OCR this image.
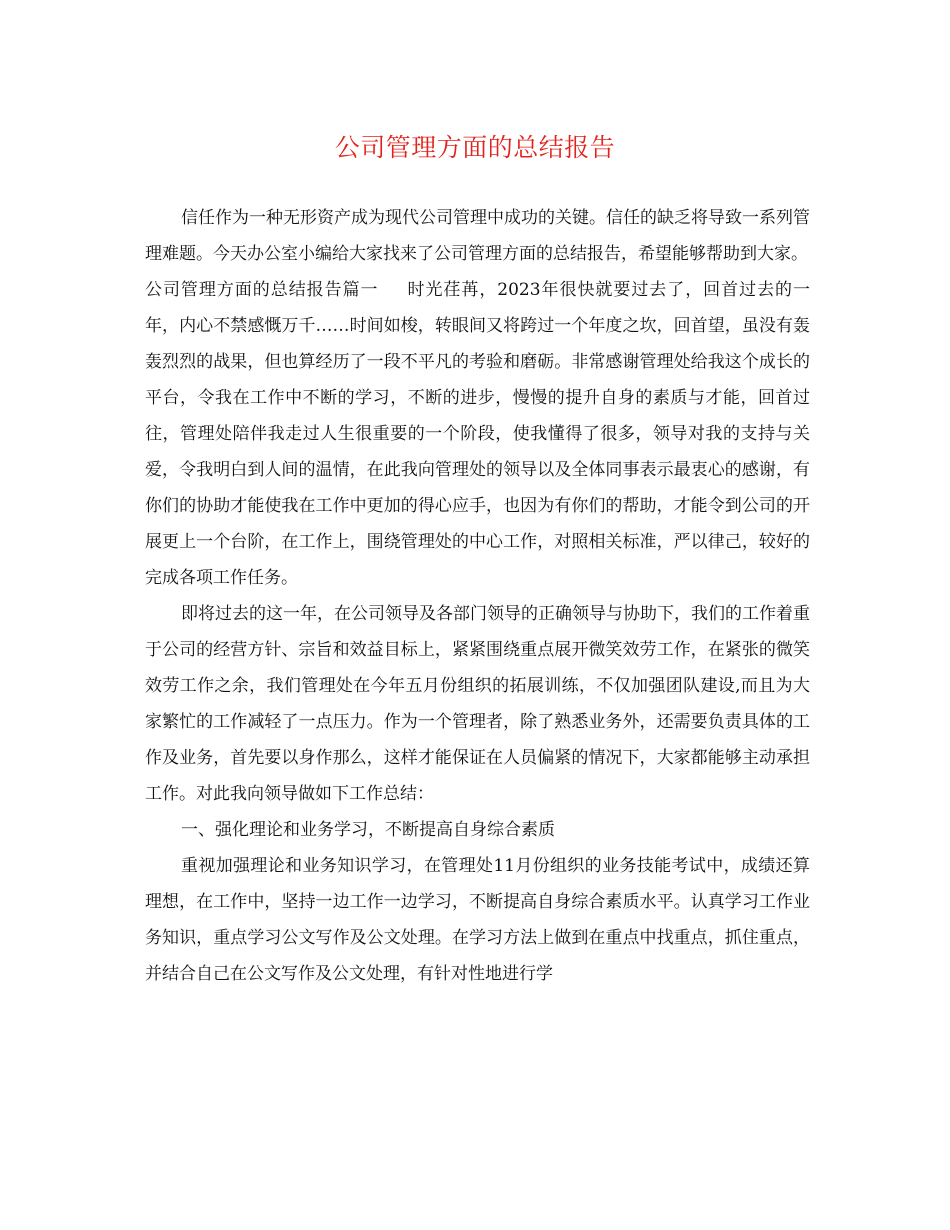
公司管理方面的总结报告

信任作为一种无形资产成为现代公司管理中成功的关键。信任的缺乏将导致一系列管理难题。今天办公室小编给大家找来了公司管理方面的总结报告，希望能够帮助到大家。

公司管理方面的总结报告篇一 时光荏苒，2023年很快就要过去了，回首过去的一年，内心不禁感慨万千……时间如梭，转眼间又将跨过一个年度之坎，回首望，虽没有轰轰烈烈的战果，但也算经历了一段不平凡的考验和磨砺。非常感谢管理处给我这个成长的平台，令我在工作中不断的学习，不断的进步，慢慢的提升自身的素质与才能，回首过往，管理处陪伴我走过人生很重要的一个阶段，使我懂得了很多，领导对我的支持与关爱，令我明白到人间的温情，在此我向管理处的领导以及全体同事表示最衷心的感谢，有你们的协助才能使我在工作中更加的得心应手，也因为有你们的帮助，才能令到公司的开展更上一个台阶，在工作上，围绕管理处的中心工作，对照相关标准，严以律己，较好的完成各项工作任务。

即将过去的这一年，在公司领导及各部门领导的正确领导与协助下，我们的工作着重于公司的经营方针、宗旨和效益目标上，紧紧围绕重点展开微笑效劳工作，在紧张的微笑效劳工作之余，我们管理处在今年五月份组织的拓展训练，不仅加强团队建设,而且为大家繁忙的工作减轻了一点压力。作为一个管理者，除了熟悉业务外，还需要负责具体的工作及业务，首先要以身作那么，这样才能保证在人员偏紧的情况下，大家都能够主动承担工作。对此我向领导做如下工作总结：

一、强化理论和业务学习，不断提高自身综合素质

重视加强理论和业务知识学习，在管理处11月份组织的业务技能考试中，成绩还算理想，在工作中，坚持一边工作一边学习，不断提高自身综合素质水平。认真学习工作业务知识，重点学习公文写作及公文处理。在学习方法上做到在重点中找重点，抓住重点，并结合自己在公文写作及公文处理，有针对性地进行学
